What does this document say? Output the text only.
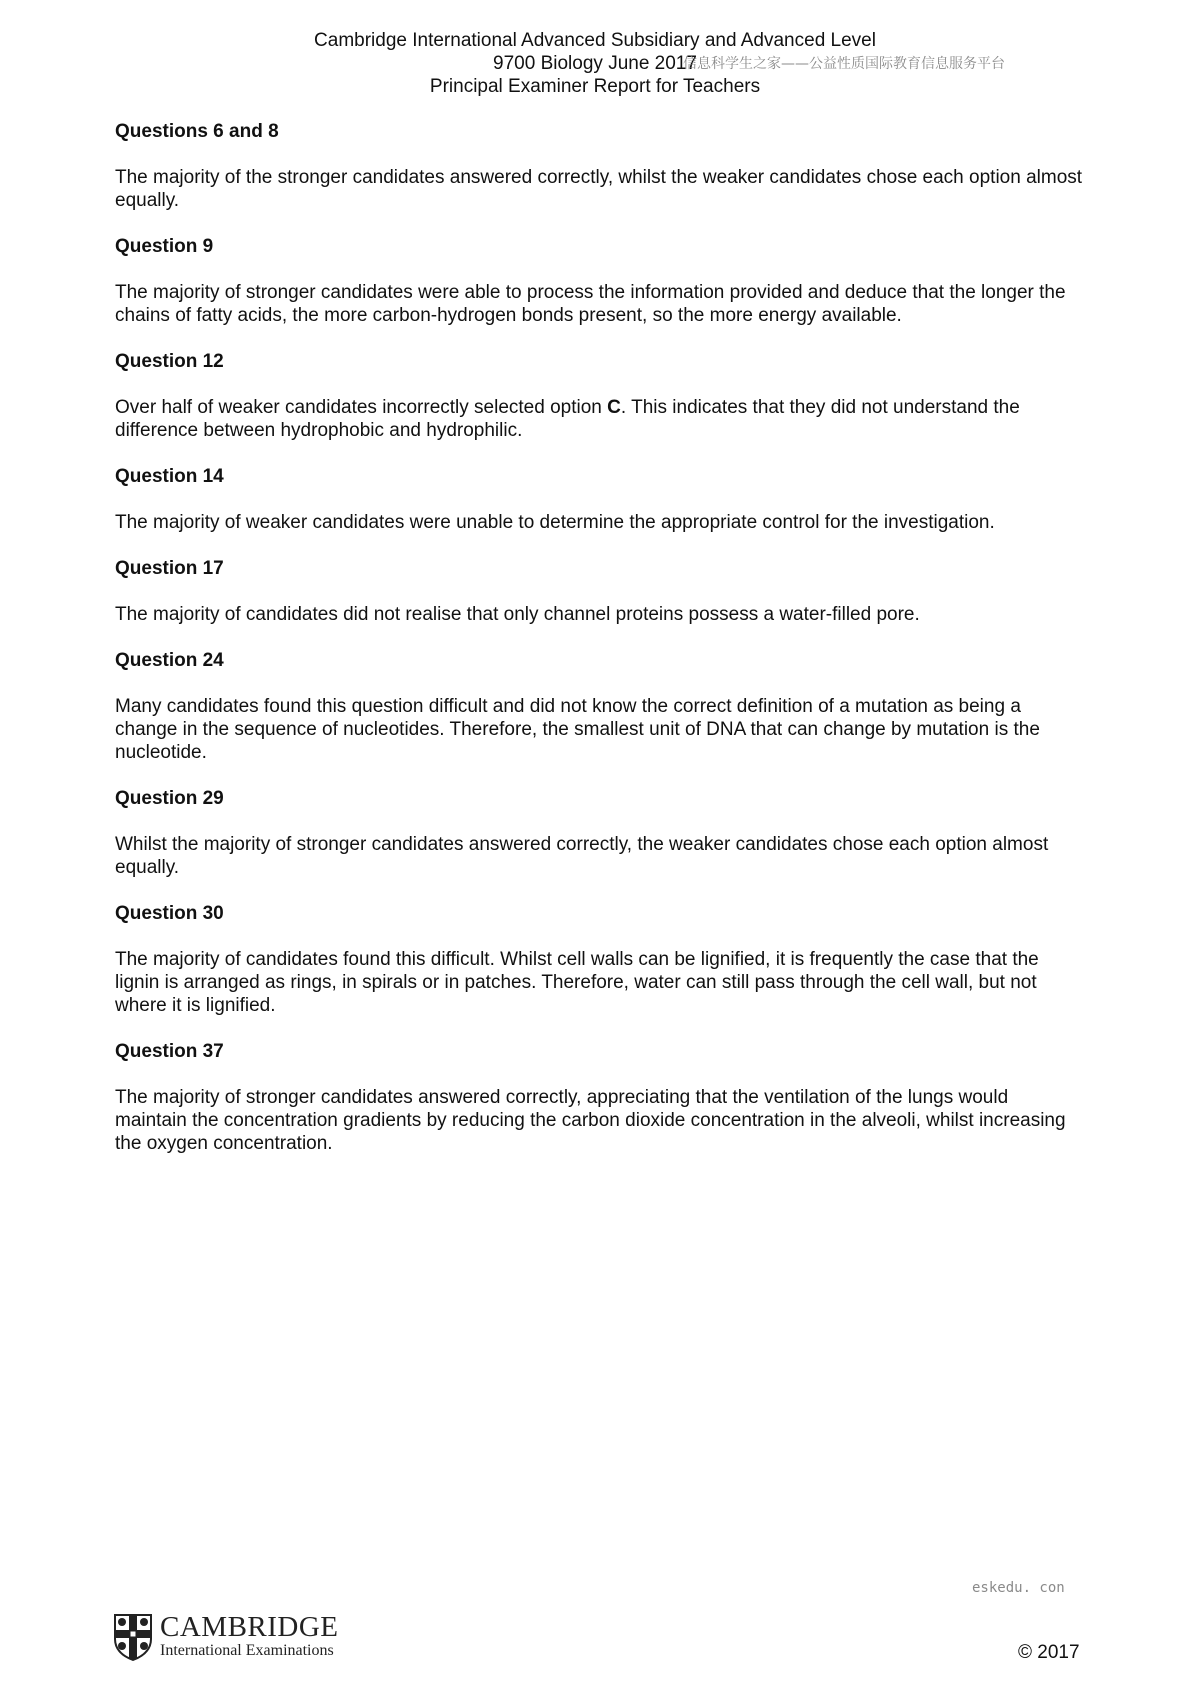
Cambridge International Advanced Subsidiary and Advanced Level
9700 Biology June 2017
Principal Examiner Report for Teachers
信息科学生之家——公益性质国际教育信息服务平台

Questions 6 and 8

The majority of the stronger candidates answered correctly, whilst the weaker candidates chose each option almost equally.

Question 9

The majority of stronger candidates were able to process the information provided and deduce that the longer the chains of fatty acids, the more carbon-hydrogen bonds present, so the more energy available.

Question 12

Over half of weaker candidates incorrectly selected option C. This indicates that they did not understand the difference between hydrophobic and hydrophilic.

Question 14

The majority of weaker candidates were unable to determine the appropriate control for the investigation.

Question 17

The majority of candidates did not realise that only channel proteins possess a water-filled pore.

Question 24

Many candidates found this question difficult and did not know the correct definition of a mutation as being a change in the sequence of nucleotides. Therefore, the smallest unit of DNA that can change by mutation is the nucleotide.

Question 29

Whilst the majority of stronger candidates answered correctly, the weaker candidates chose each option almost equally.

Question 30

The majority of candidates found this difficult. Whilst cell walls can be lignified, it is frequently the case that the lignin is arranged as rings, in spirals or in patches. Therefore, water can still pass through the cell wall, but not where it is lignified.

Question 37

The majority of stronger candidates answered correctly, appreciating that the ventilation of the lungs would maintain the concentration gradients by reducing the carbon dioxide concentration in the alveoli, whilst increasing the oxygen concentration.

eskedu. con
CAMBRIDGE
International Examinations	© 2017
